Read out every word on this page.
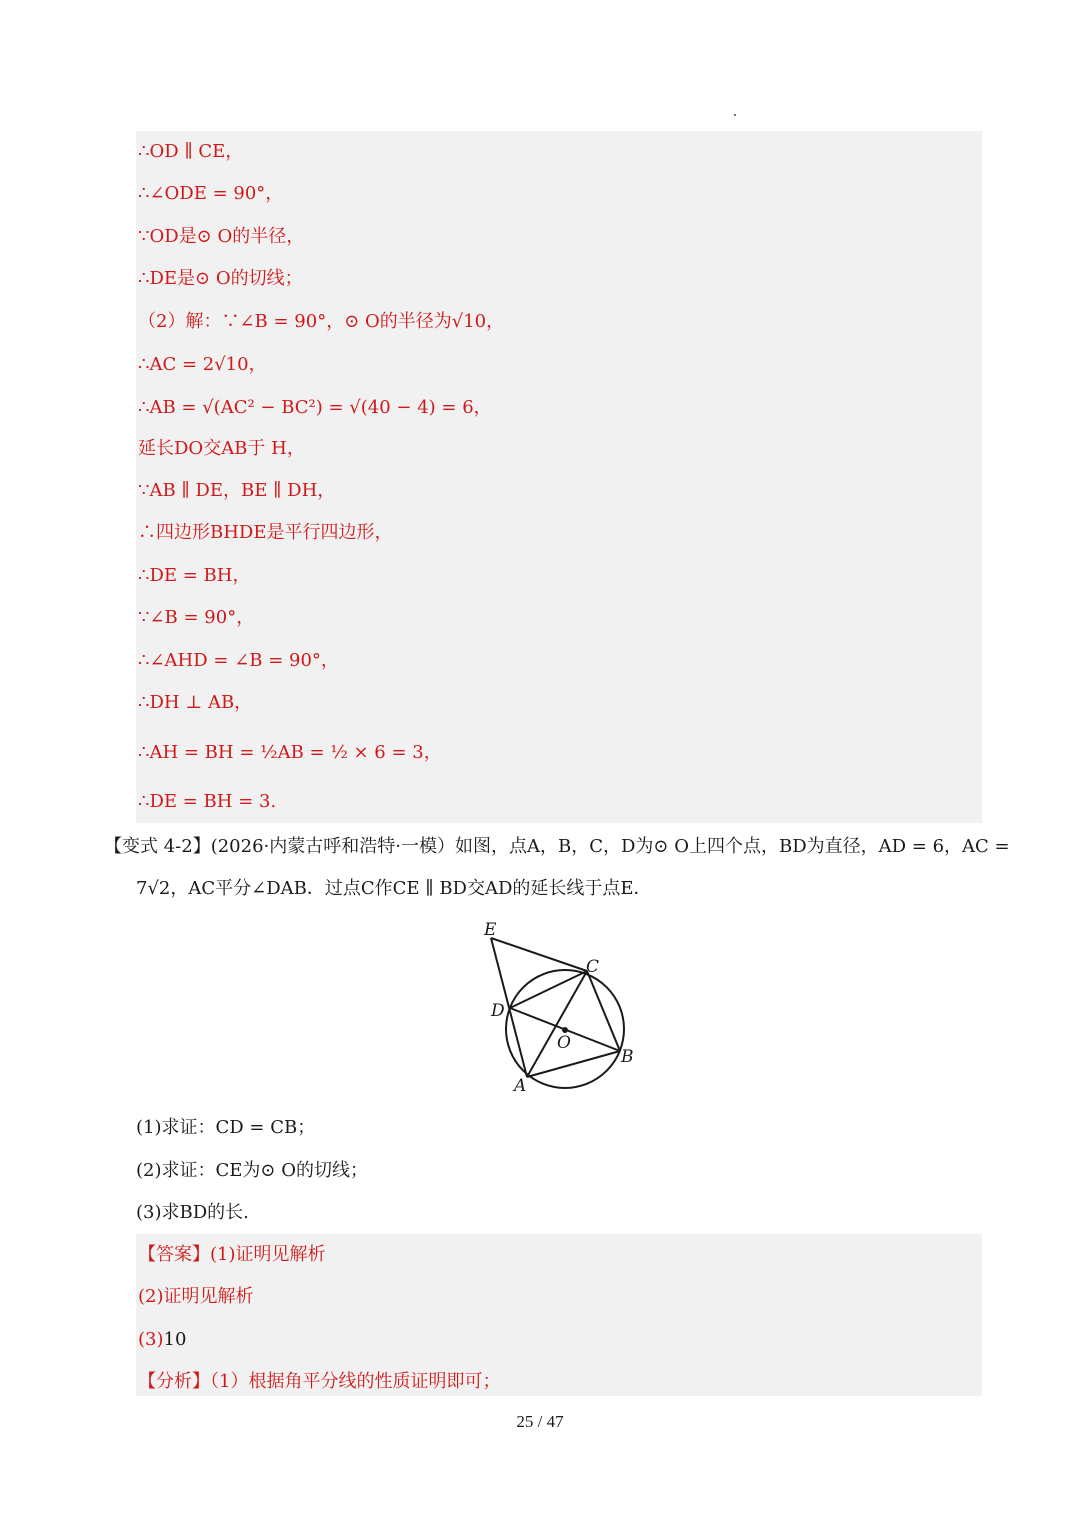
∴OD ∥ CE，
∴∠ODE = 90°，
∵OD是⊙ O的半径，
∴DE是⊙ O的切线；
（2）解：∵∠B = 90°，⊙ O的半径为√10，
∴AC = 2√10，
∴AB = √(AC² − BC²) = √(40 − 4) = 6，
延长DO交AB于 H，
∵AB ∥ DE，BE ∥ DH，
∴四边形BHDE是平行四边形，
∴DE = BH，
∵∠B = 90°，
∴∠AHD = ∠B = 90°，
∴DH ⊥ AB，
∴AH = BH = ½AB = ½ × 6 = 3，
∴DE = BH = 3.
【变式 4-2】(2026·内蒙古呼和浩特·一模）如图，点A，B，C，D为⊙ O上四个点，BD为直径，AD = 6，AC =
7√2，AC平分∠DAB．过点C作CE ∥ BD交AD的延长线于点E．
E
C
D
O
B
A
(1)求证：CD = CB；
(2)求证：CE为⊙ O的切线；
(3)求BD的长.
【答案】(1)证明见解析
(2)证明见解析
(3)10
【分析】（1）根据角平分线的性质证明即可；
25 / 47
